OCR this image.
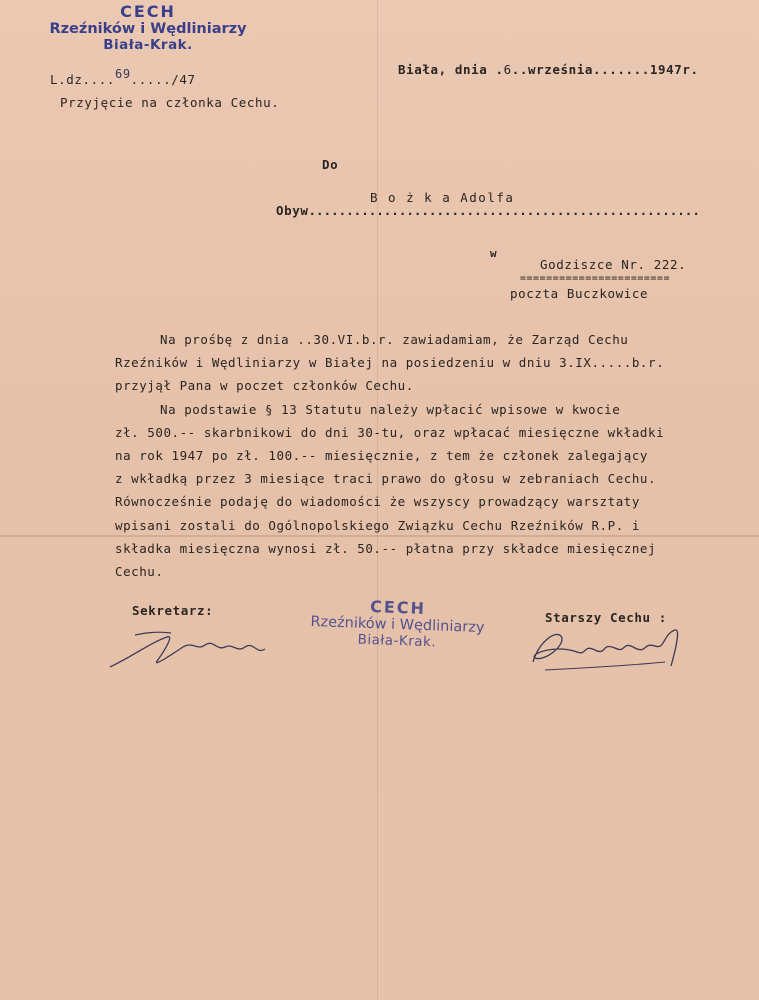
CECH
Rzeźników i Wędliniarzy
Biała-Krak.
L.dz....69...../47
Przyjęcie na członka Cechu.
Biała, dnia .6..września.......1947r.
Do
Obyw....................................................
B o ż k a Adolfa
w
Godziszce Nr. 222.
=======================
poczta Buczkowice
Na prośbę z dnia ..30.VI.b.r. zawiadamiam, że Zarząd Cechu
Rzeźników i Wędliniarzy w Białej na posiedzeniu w dniu 3.IX.....b.r.
przyjął Pana w poczet członków Cechu.
Na podstawie § 13 Statutu należy wpłacić wpisowe w kwocie
zł. 500.-- skarbnikowi do dni 30-tu, oraz wpłacać miesięczne wkładki
na rok 1947 po zł. 100.-- miesięcznie, z tem że członek zalegający
z wkładką przez 3 miesiące traci prawo do głosu w zebraniach Cechu.
Równocześnie podaję do wiadomości że wszyscy prowadzący warsztaty
wpisani zostali do Ogólnopolskiego Związku Cechu Rzeźników R.P. i
składka miesięczna wynosi zł. 50.-- płatna przy składce miesięcznej
Cechu.
Sekretarz:	Starszy Cechu :
CECH
Rzeźników i Wędliniarzy
Biała-Krak.
